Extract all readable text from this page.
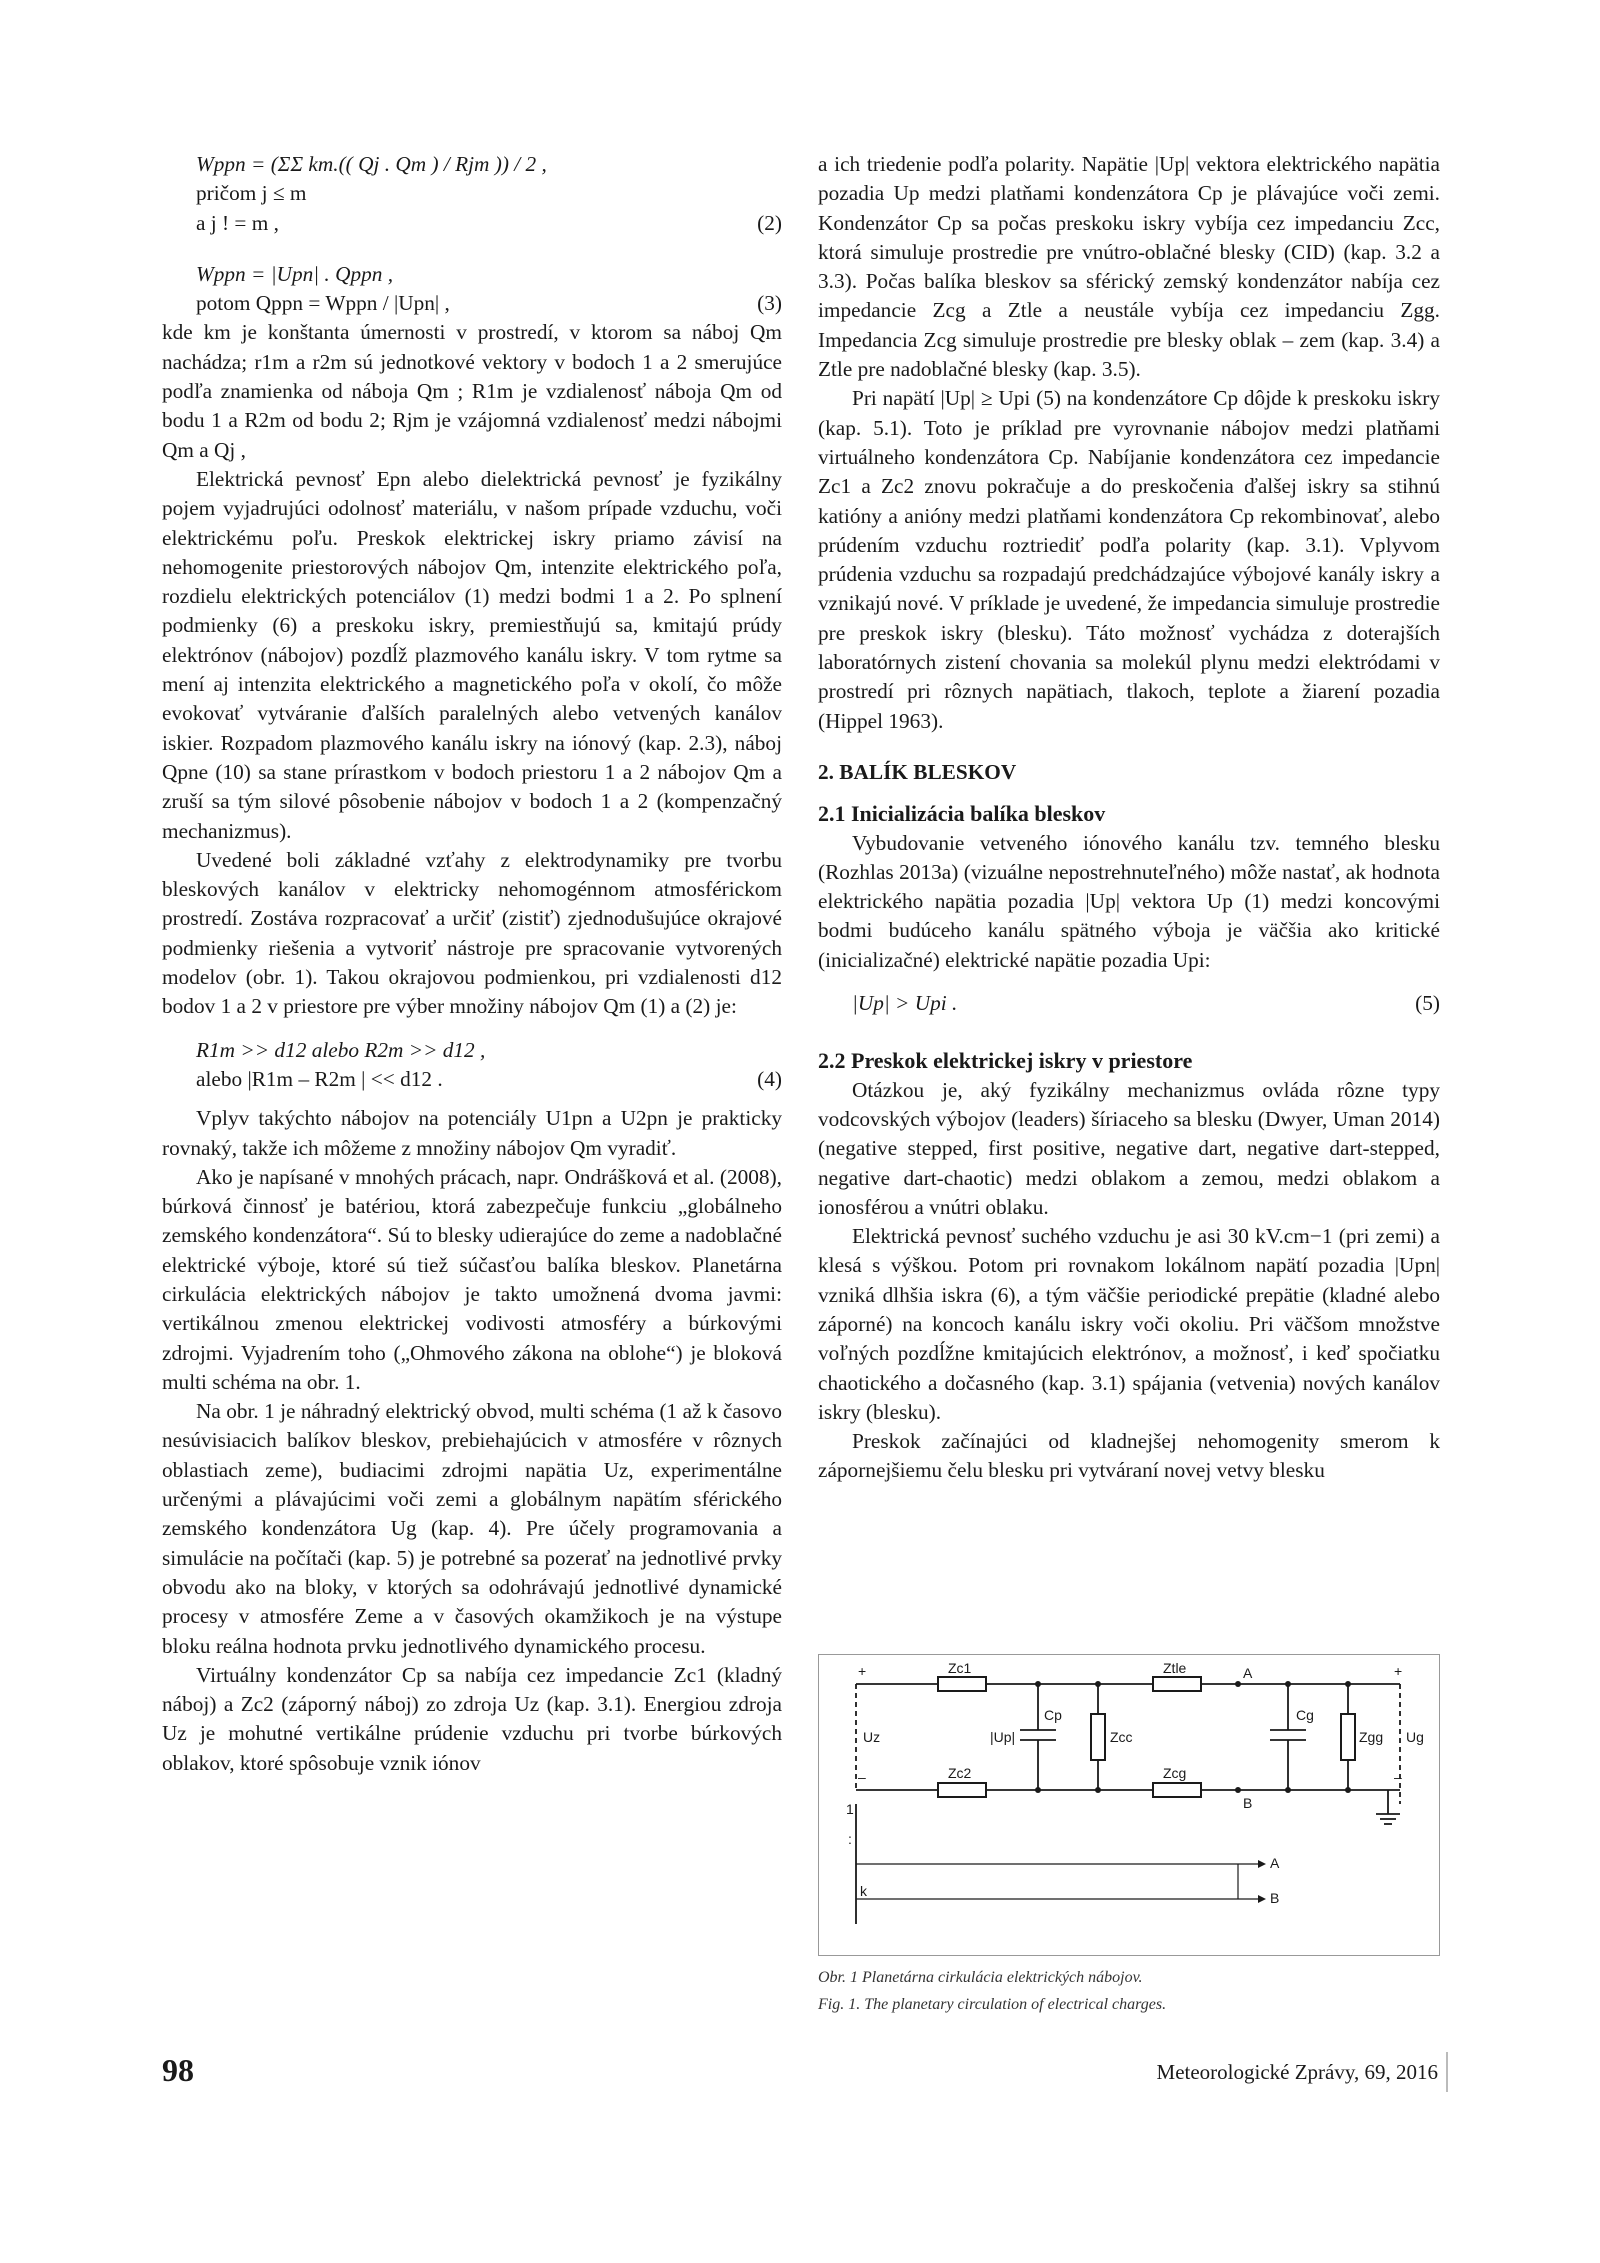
Wppn = (ΣΣ km.(( Qj . Qm ) / Rjm )) / 2 ,
pričom j ≤ m
a j ! = m ,	(2)
Wppn = |Upn| . Qppn ,
potom Qppn = Wppn / |Upn| ,	(3)

kde km je konštanta úmernosti v prostredí, v ktorom sa náboj Qm nachádza; r1m a r2m sú jednotkové vektory v bodoch 1 a 2 smerujúce podľa znamienka od náboja Qm ; R1m je vzdialenosť náboja Qm od bodu 1 a R2m od bodu 2; Rjm je vzájomná vzdialenosť medzi nábojmi Qm a Qj ,

Elektrická pevnosť Epn alebo dielektrická pevnosť je fyzikálny pojem vyjadrujúci odolnosť materiálu, v našom prípade vzduchu, voči elektrickému poľu. Preskok elektrickej iskry priamo závisí na nehomogenite priestorových nábojov Qm, intenzite elektrického poľa, rozdielu elektrických potenciálov (1) medzi bodmi 1 a 2. Po splnení podmienky (6) a preskoku iskry, premiestňujú sa, kmitajú prúdy elektrónov (nábojov) pozdĺž plazmového kanálu iskry. V tom rytme sa mení aj intenzita elektrického a magnetického poľa v okolí, čo môže evokovať vytváranie ďalších paralelných alebo vetvených kanálov iskier. Rozpadom plazmového kanálu iskry na iónový (kap. 2.3), náboj Qpne (10) sa stane prírastkom v bodoch priestoru 1 a 2 nábojov Qm a zruší sa tým silové pôsobenie nábojov v bodoch 1 a 2 (kompenzačný mechanizmus).

Uvedené boli základné vzťahy z elektrodynamiky pre tvorbu bleskových kanálov v elektricky nehomogénnom atmosférickom prostredí. Zostáva rozpracovať a určiť (zistiť) zjednodušujúce okrajové podmienky riešenia a vytvoriť nástroje pre spracovanie vytvorených modelov (obr. 1). Takou okrajovou podmienkou, pri vzdialenosti d12 bodov 1 a 2 v priestore pre výber množiny nábojov Qm (1) a (2) je:

R1m >> d12 alebo R2m >> d12 ,
alebo |R1m – R2m | << d12 .	(4)

Vplyv takýchto nábojov na potenciály U1pn a U2pn je prakticky rovnaký, takže ich môžeme z množiny nábojov Qm vyradiť.

Ako je napísané v mnohých prácach, napr. Ondrášková et al. (2008), búrková činnosť je batériou, ktorá zabezpečuje funkciu „globálneho zemského kondenzátora“. Sú to blesky udierajúce do zeme a nadoblačné elektrické výboje, ktoré sú tiež súčasťou balíka bleskov. Planetárna cirkulácia elektrických nábojov je takto umožnená dvoma javmi: vertikálnou zmenou elektrickej vodivosti atmosféry a búrkovými zdrojmi. Vyjadrením toho („Ohmového zákona na oblohe“) je bloková multi schéma na obr. 1.

Na obr. 1 je náhradný elektrický obvod, multi schéma (1 až k časovo nesúvisiacich balíkov bleskov, prebiehajúcich v atmosfére v rôznych oblastiach zeme), budiacimi zdrojmi napätia Uz, experimentálne určenými a plávajúcimi voči zemi a globálnym napätím sférického zemského kondenzátora Ug (kap. 4). Pre účely programovania a simulácie na počítači (kap. 5) je potrebné sa pozerať na jednotlivé prvky obvodu ako na bloky, v ktorých sa odohrávajú jednotlivé dynamické procesy v atmosfére Zeme a v časových okamžikoch je na výstupe bloku reálna hodnota prvku jednotlivého dynamického procesu.

Virtuálny kondenzátor Cp sa nabíja cez impedancie Zc1 (kladný náboj) a Zc2 (záporný náboj) zo zdroja Uz (kap. 3.1). Energiou zdroja Uz je mohutné vertikálne prúdenie vzduchu pri tvorbe búrkových oblakov, ktoré spôsobuje vznik iónov

a ich triedenie podľa polarity. Napätie |Up| vektora elektrického napätia pozadia Up medzi platňami kondenzátora Cp je plávajúce voči zemi. Kondenzátor Cp sa počas preskoku iskry vybíja cez impedanciu Zcc, ktorá simuluje prostredie pre vnútro-oblačné blesky (CID) (kap. 3.2 a 3.3). Počas balíka bleskov sa sférický zemský kondenzátor nabíja cez impedancie Zcg a Ztle a neustále vybíja cez impedanciu Zgg. Impedancia Zcg simuluje prostredie pre blesky oblak – zem (kap. 3.4) a Ztle pre nadoblačné blesky (kap. 3.5).

Pri napätí |Up| ≥ Upi (5) na kondenzátore Cp dôjde k preskoku iskry (kap. 5.1). Toto je príklad pre vyrovnanie nábojov medzi platňami virtuálneho kondenzátora Cp. Nabíjanie kondenzátora cez impedancie Zc1 a Zc2 znovu pokračuje a do preskočenia ďalšej iskry sa stihnú katióny a anióny medzi platňami kondenzátora Cp rekombinovať, alebo prúdením vzduchu roztriediť podľa polarity (kap. 3.1). Vplyvom prúdenia vzduchu sa rozpadajú predchádzajúce výbojové kanály iskry a vznikajú nové. V príklade je uvedené, že impedancia simuluje prostredie pre preskok iskry (blesku). Táto možnosť vychádza z doterajších laboratórnych zistení chovania sa molekúl plynu medzi elektródami v prostredí pri rôznych napätiach, tlakoch, teplote a žiarení pozadia (Hippel 1963).

2. BALÍK BLESKOV
2.1 Inicializácia balíka bleskov

Vybudovanie vetveného iónového kanálu tzv. temného blesku (Rozhlas 2013a) (vizuálne nepostrehnuteľného) môže nastať, ak hodnota elektrického napätia pozadia |Up| vektora Up (1) medzi koncovými bodmi budúceho kanálu spätného výboja je väčšia ako kritické (inicializačné) elektrické napätie pozadia Upi:

|Up| > Upi .	(5)
2.2 Preskok elektrickej iskry v priestore

Otázkou je, aký fyzikálny mechanizmus ovláda rôzne typy vodcovských výbojov (leaders) šíriaceho sa blesku (Dwyer, Uman 2014) (negative stepped, first positive, negative dart, negative dart-stepped, negative dart-chaotic) medzi oblakom a zemou, medzi oblakom a ionosférou a vnútri oblaku.

Elektrická pevnosť suchého vzduchu je asi 30 kV.cm−1 (pri zemi) a klesá s výškou. Potom pri rovnakom lokálnom napätí pozadia |Upn| vzniká dlhšia iskra (6), a tým väčšie periodické prepätie (kladné alebo záporné) na koncoch kanálu iskry voči okoliu. Pri väčšom množstve voľných pozdĺžne kmitajúcich elektrónov, a možnosť, i keď spočiatku chaotického a dočasného (kap. 3.1) spájania (vetvenia) nových kanálov iskry (blesku).

Preskok začínajúci od kladnejšej nehomogenity smerom k zápornejšiemu čelu blesku pri vytváraní novej vetvy blesku

Zc1	Ztle
Cp
|Up|	Zcc
Zc2	Zcg
Cg
Zgg
Uz	Ug
A
B
+	+
–	–
1
:
k
A
B
Obr. 1 Planetárna cirkulácia elektrických nábojov.
Fig. 1. The planetary circulation of electrical charges.
98	Meteorologické Zprávy, 69, 2016
